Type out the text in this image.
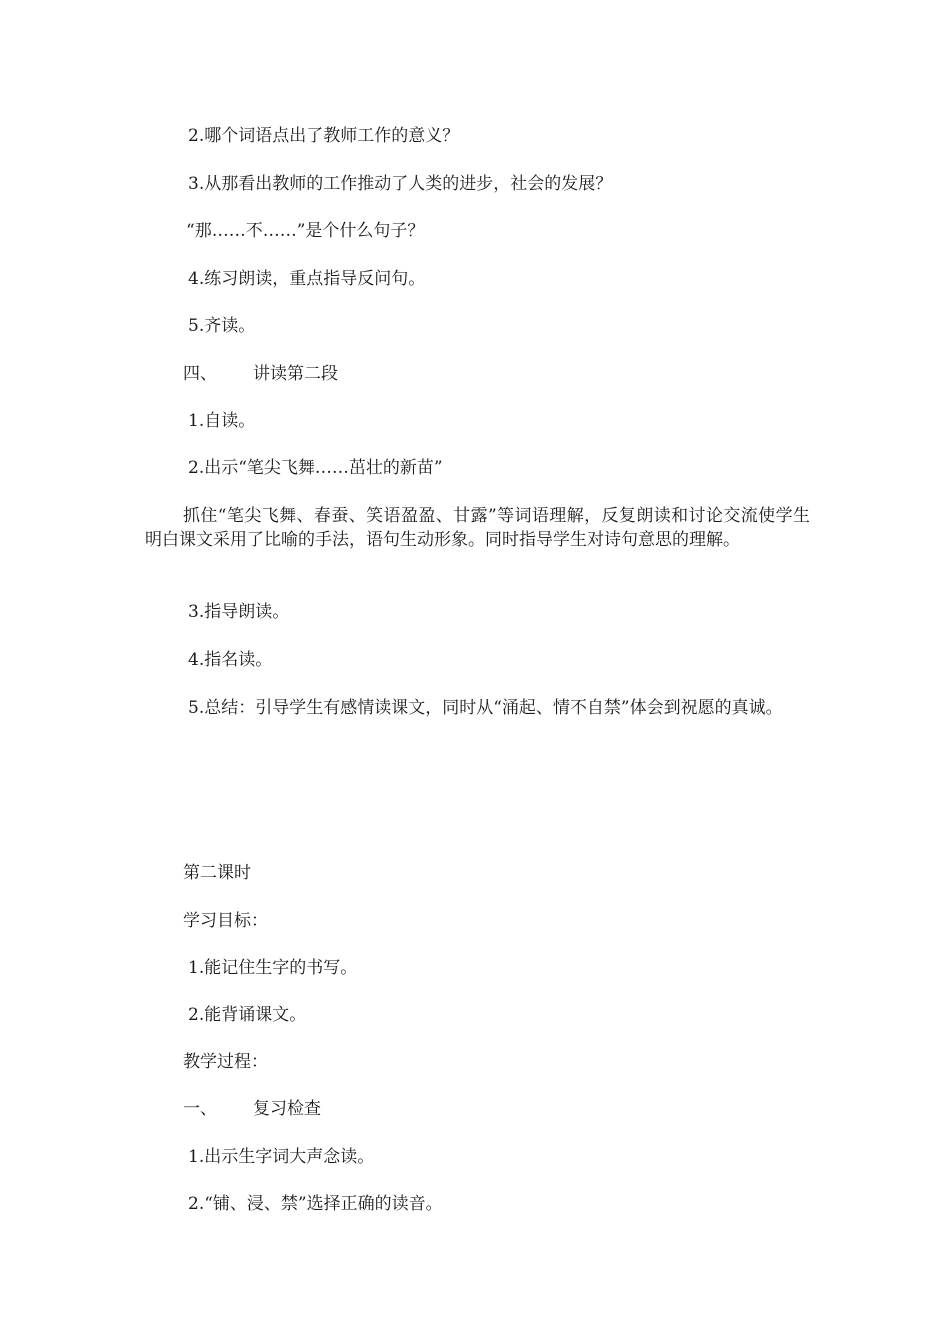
2.哪个词语点出了教师工作的意义？
3.从那看出教师的工作推动了人类的进步，社会的发展？
“那……不……”是个什么句子？
4.练习朗读，重点指导反问句。
5.齐读。
四、 讲读第二段
1.自读。
2.出示“笔尖飞舞……茁壮的新苗”
抓住“笔尖飞舞、春蚕、笑语盈盈、甘露”等词语理解，反复朗读和讨论交流使学生明白课文采用了比喻的手法，语句生动形象。同时指导学生对诗句意思的理解。
3.指导朗读。
4.指名读。
5.总结：引导学生有感情读课文，同时从“涌起、情不自禁”体会到祝愿的真诚。
第二课时
学习目标：
1.能记住生字的书写。
2.能背诵课文。
教学过程：
一、 复习检查
1.出示生字词大声念读。
2.“铺、浸、禁”选择正确的读音。
